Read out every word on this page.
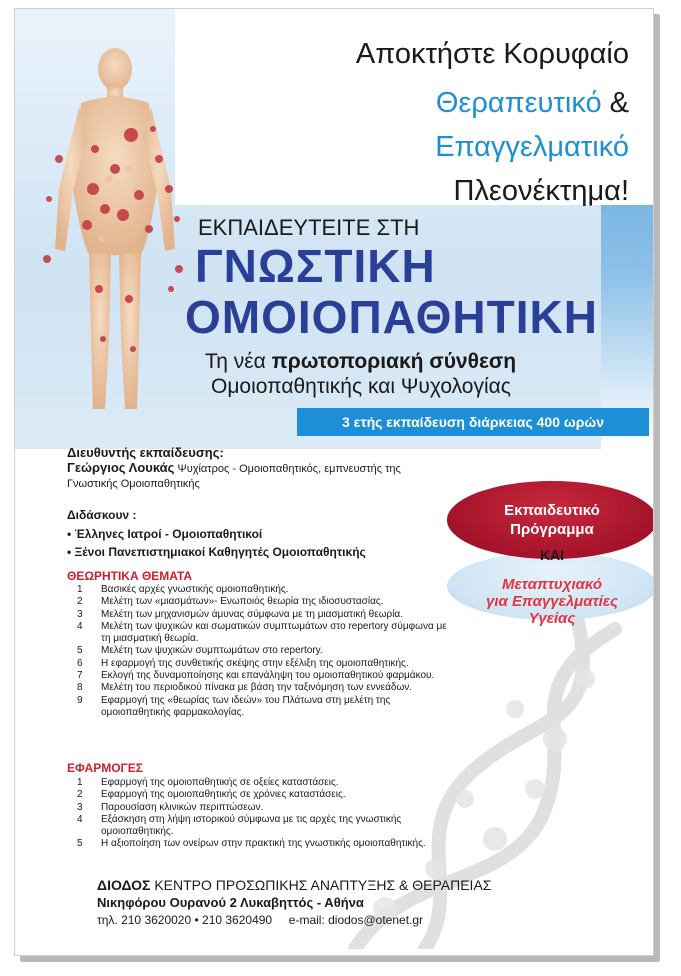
Αποκτήστε Κορυφαίο
Θεραπευτικό &
Επαγγελματικό
Πλεονέκτημα!
ΕΚΠΑΙΔΕΥΤΕΙΤΕ ΣΤΗ
ΓΝΩΣΤΙΚΗ
ΟΜΟΙΟΠΑΘΗΤΙΚΗ
Τη νέα πρωτοποριακή σύνθεση
Ομοιοπαθητικής και Ψυχολογίας
3 ετής εκπαίδευση διάρκειας 400 ωρών
Διευθυντής εκπαίδευσης:
Γεώργιος Λουκάς Ψυχίατρος - Ομοιοπαθητικός, εμπνευστής της
Γνωστικής Ομοιοπαθητικής
Διδάσκουν :
• Έλληνες Ιατροί - Ομοιοπαθητικοί
• Ξένοι Πανεπιστημιακοί Καθηγητές Ομοιοπαθητικής
ΘΕΩΡΗΤΙΚΑ ΘΕΜΑΤΑ
1 Βασικές αρχές γνωστικής ομοιοπαθητικής.
2 Μελέτη των «μιασμάτων»- Ενωποιός θεωρία της ιδιοσυστασίας.
3 Μελέτη των μηχανισμών άμυνας σύμφωνα με τη μιασματική θεωρία.
4 Μελέτη των ψυχικών και σωματικών συμπτωμάτων στο repertory σύμφωνα με τη μιασματική θεωρία.
5 Μελέτη των ψυχικών συμπτωμάτων στο repertory.
6 Η εφαρμογή της συνθετικής σκέψης στην εξέλιξη της ομοιοπαθητικής.
7 Εκλογή της δυναμοποίησης και επανάληψη του ομοιοπαθητικού φαρμάκου.
8 Μελέτη του περιοδικού πίνακα με βάση την ταξινόμηση των εννεάδων.
9 Εφαρμογή της «θεωρίας των ιδεών» του Πλάτωνα στη μελέτη της ομοιοπαθητικής φαρμακολογίας.
ΕΦΑΡΜΟΓΕΣ
1 Εφαρμογή της ομοιοπαθητικής σε οξείες καταστάσεις.
2 Εφαρμογή της ομοιοπαθητικής σε χρόνιες καταστάσεις.
3 Παρουσίαση κλινικών περιπτώσεων.
4 Εξάσκηση στη λήψη ιστορικού σύμφωνα με τις αρχές της γνωστικής ομοιοπαθητικής.
5 Η αξιοποίηση των ονείρων στην πρακτική της γνωστικής ομοιοπαθητικής.
Εκπαιδευτικό
Πρόγραμμα
ΚΑΙ
Μεταπτυχιακό
για Επαγγελματίες
Υγείας
ΔΙΟΔΟΣ ΚΕΝΤΡΟ ΠΡΟΣΩΠΙΚΗΣ ΑΝΑΠΤΥΞΗΣ & ΘΕΡΑΠΕΙΑΣ
Νικηφόρου Ουρανού 2 Λυκαβηττός - Αθήνα
τηλ. 210 3620020 • 210 3620490 e-mail: diodos@otenet.gr
